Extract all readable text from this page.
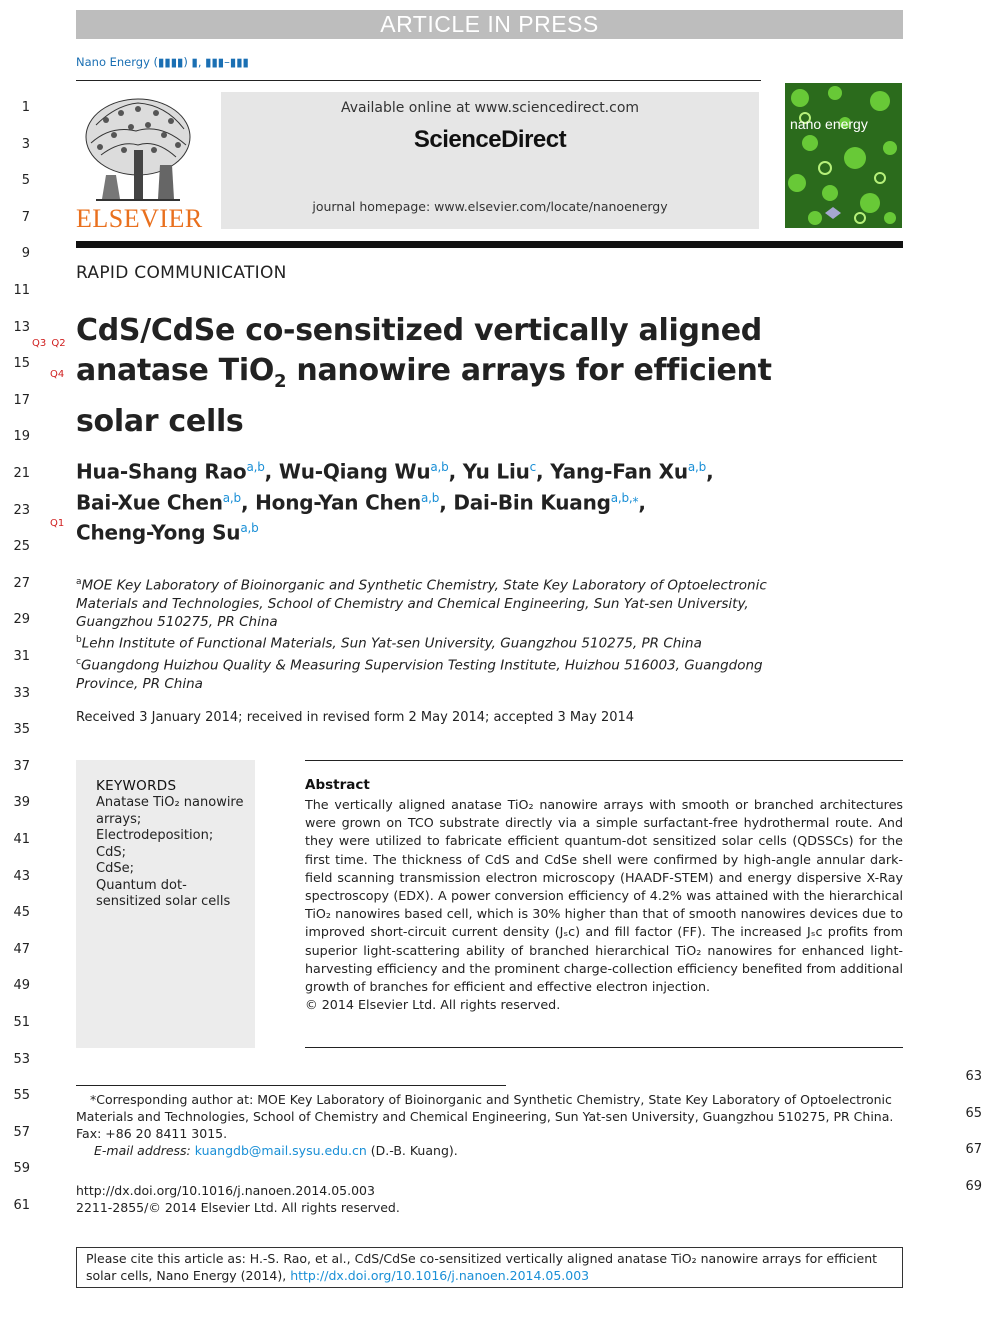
ARTICLE IN PRESS
Nano Energy (▮▮▮▮) ▮, ▮▮▮–▮▮▮
ELSEVIER
Available online at www.sciencedirect.com
ScienceDirect
journal homepage: www.elsevier.com/locate/nanoenergy
nano energy
1
3
5
7
9
11
13
15
17
19
21
23
25
27
29
31
33
35
37
39
41
43
45
47
49
51
53
55
57
59
61
63
65
67
69
Q3 Q2
Q4
Q1
RAPID COMMUNICATION
CdS/CdSe co-sensitized vertically aligned
anatase TiO$_2$ nanowire arrays for efficient
solar cells
Hua-Shang Rao$^{a,b}$, Wu-Qiang Wu$^{a,b}$, Yu Liu$^c$, Yang-Fan Xu$^{a,b}$,
Bai-Xue Chen$^{a,b}$, Hong-Yan Chen$^{a,b}$, Dai-Bin Kuang$^{a,b,⁎}$,
Cheng-Yong Su$^{a,b}$
$^a$MOE Key Laboratory of Bioinorganic and Synthetic Chemistry, State Key Laboratory of Optoelectronic Materials and Technologies, School of Chemistry and Chemical Engineering, Sun Yat-sen University, Guangzhou 510275, PR China
$^b$Lehn Institute of Functional Materials, Sun Yat-sen University, Guangzhou 510275, PR China
$^c$Guangdong Huizhou Quality & Measuring Supervision Testing Institute, Huizhou 516003, Guangdong Province, PR China
Received 3 January 2014; received in revised form 2 May 2014; accepted 3 May 2014
KEYWORDS
Anatase TiO₂ nanowire arrays;
Electrodeposition;
CdS;
CdSe;
Quantum dot-sensitized solar cells
Abstract
The vertically aligned anatase TiO₂ nanowire arrays with smooth or branched architectures were grown on TCO substrate directly via a simple surfactant-free hydrothermal route. And they were utilized to fabricate efficient quantum-dot sensitized solar cells (QDSSCs) for the first time. The thickness of CdS and CdSe shell were confirmed by high-angle annular dark-field scanning transmission electron microscopy (HAADF-STEM) and energy dispersive X-Ray spectroscopy (EDX). A power conversion efficiency of 4.2% was attained with the hierarchical TiO₂ nanowires based cell, which is 30% higher than that of smooth nanowires devices due to improved short-circuit current density (Jₛᴄ) and fill factor (FF). The increased Jₛᴄ profits from superior light-scattering ability of branched hierarchical TiO₂ nanowires for enhanced light-harvesting efficiency and the prominent charge-collection efficiency benefited from additional growth of branches for efficient and effective electron injection.
© 2014 Elsevier Ltd. All rights reserved.
*Corresponding author at: MOE Key Laboratory of Bioinorganic and Synthetic Chemistry, State Key Laboratory of Optoelectronic Materials and Technologies, School of Chemistry and Chemical Engineering, Sun Yat-sen University, Guangzhou 510275, PR China.
Fax: +86 20 8411 3015.
E-mail address: kuangdb@mail.sysu.edu.cn (D.-B. Kuang).
http://dx.doi.org/10.1016/j.nanoen.2014.05.003
2211-2855/© 2014 Elsevier Ltd. All rights reserved.
Please cite this article as: H.-S. Rao, et al., CdS/CdSe co-sensitized vertically aligned anatase TiO₂ nanowire arrays for efficient solar cells, Nano Energy (2014), http://dx.doi.org/10.1016/j.nanoen.2014.05.003
